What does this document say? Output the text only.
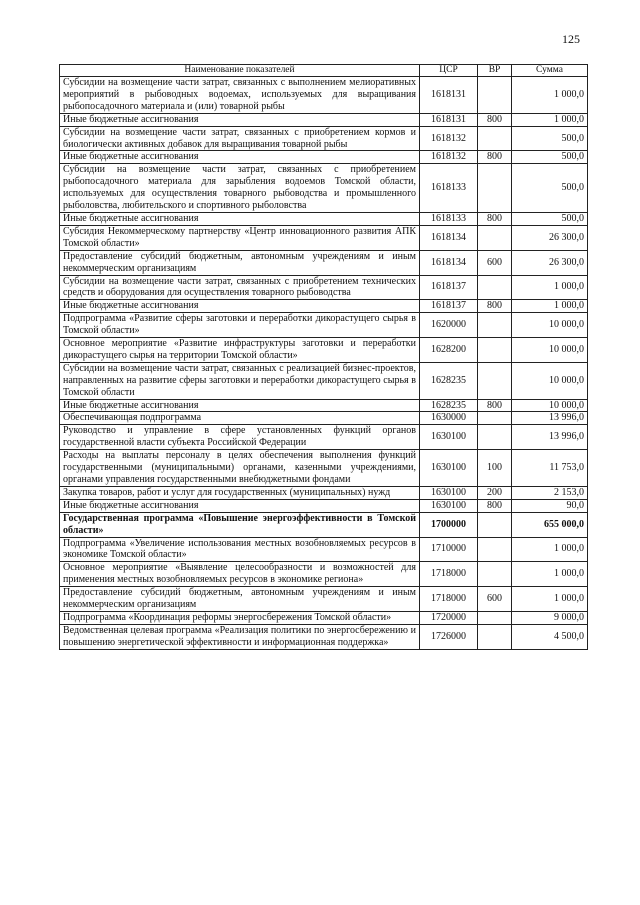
125
Наименование показателей	ЦСР	ВР	Сумма
Субсидии на возмещение части затрат, связанных с выполнением мелиоративных мероприятий в рыбоводных водоемах, используемых для выращивания рыбопосадочного материала и (или) товарной рыбы	1618131		1 000,0
Иные бюджетные ассигнования	1618131	800	1 000,0
Субсидии на возмещение части затрат, связанных с приобретением кормов и биологически активных добавок для выращивания товарной рыбы	1618132		500,0
Иные бюджетные ассигнования	1618132	800	500,0
Субсидии на возмещение части затрат, связанных с приобретением рыбопосадочного материала для зарыбления водоемов Томской области, используемых для осуществления товарного рыбоводства и промышленного рыболовства, любительского и спортивного рыболовства	1618133		500,0
Иные бюджетные ассигнования	1618133	800	500,0
Субсидия Некоммерческому партнерству «Центр инновационного развития АПК Томской области»	1618134		26 300,0
Предоставление субсидий бюджетным, автономным учреждениям и иным некоммерческим организациям	1618134	600	26 300,0
Субсидии на возмещение части затрат, связанных с приобретением технических средств и оборудования для осуществления товарного рыбоводства	1618137		1 000,0
Иные бюджетные ассигнования	1618137	800	1 000,0
Подпрограмма «Развитие сферы заготовки и переработки дикорастущего сырья в Томской области»	1620000		10 000,0
Основное мероприятие «Развитие инфраструктуры заготовки и переработки дикорастущего сырья на территории Томской области»	1628200		10 000,0
Субсидии на возмещение части затрат, связанных с реализацией бизнес-проектов, направленных на развитие сферы заготовки и переработки дикорастущего сырья в Томской области	1628235		10 000,0
Иные бюджетные ассигнования	1628235	800	10 000,0
Обеспечивающая подпрограмма	1630000		13 996,0
Руководство и управление в сфере установленных функций органов государственной власти субъекта Российской Федерации	1630100		13 996,0
Расходы на выплаты персоналу в целях обеспечения выполнения функций государственными (муниципальными) органами, казенными учреждениями, органами управления государственными внебюджетными фондами	1630100	100	11 753,0
Закупка товаров, работ и услуг для государственных (муниципальных) нужд	1630100	200	2 153,0
Иные бюджетные ассигнования	1630100	800	90,0
Государственная программа «Повышение энергоэффективности в Томской области»	1700000		655 000,0
Подпрограмма «Увеличение использования местных возобновляемых ресурсов в экономике Томской области»	1710000		1 000,0
Основное мероприятие «Выявление целесообразности и возможностей для применения местных возобновляемых ресурсов в экономике региона»	1718000		1 000,0
Предоставление субсидий бюджетным, автономным учреждениям и иным некоммерческим организациям	1718000	600	1 000,0
Подпрограмма «Координация реформы энергосбережения Томской области»	1720000		9 000,0
Ведомственная целевая программа «Реализация политики по энергосбережению и повышению энергетической эффективности и информационная поддержка»	1726000		4 500,0
